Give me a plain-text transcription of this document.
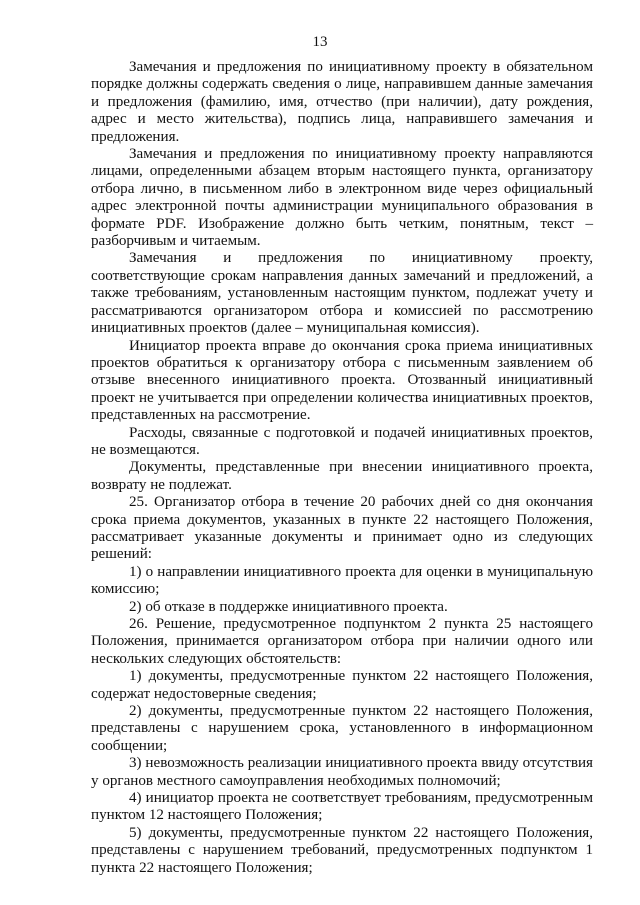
13

Замечания и предложения по инициативному проекту в обязательном порядке должны содержать сведения о лице, направившем данные замечания и предложения (фамилию, имя, отчество (при наличии), дату рождения, адрес и место жительства), подпись лица, направившего замечания и предложения.

Замечания и предложения по инициативному проекту направляются лицами, определенными абзацем вторым настоящего пункта, организатору отбора лично, в письменном либо в электронном виде через официальный адрес электронной почты администрации муниципального образования в формате PDF. Изображение должно быть четким, понятным, текст – разборчивым и читаемым.

Замечания и предложения по инициативному проекту, соответствующие срокам направления данных замечаний и предложений, а также требованиям, установленным настоящим пунктом, подлежат учету и рассматриваются организатором отбора и комиссией по рассмотрению инициативных проектов (далее – муниципальная комиссия).

Инициатор проекта вправе до окончания срока приема инициативных проектов обратиться к организатору отбора с письменным заявлением об отзыве внесенного инициативного проекта. Отозванный инициативный проект не учитывается при определении количества инициативных проектов, представленных на рассмотрение.

Расходы, связанные с подготовкой и подачей инициативных проектов, не возмещаются.

Документы, представленные при внесении инициативного проекта, возврату не подлежат.

25. Организатор отбора в течение 20 рабочих дней со дня окончания срока приема документов, указанных в пункте 22 настоящего Положения, рассматривает указанные документы и принимает одно из следующих решений:

1) о направлении инициативного проекта для оценки в муниципальную комиссию;

2) об отказе в поддержке инициативного проекта.

26. Решение, предусмотренное подпунктом 2 пункта 25 настоящего Положения, принимается организатором отбора при наличии одного или нескольких следующих обстоятельств:

1) документы, предусмотренные пунктом 22 настоящего Положения, содержат недостоверные сведения;

2) документы, предусмотренные пунктом 22 настоящего Положения, представлены с нарушением срока, установленного в информационном сообщении;

3) невозможность реализации инициативного проекта ввиду отсутствия у органов местного самоуправления необходимых полномочий;

4) инициатор проекта не соответствует требованиям, предусмотренным пунктом 12 настоящего Положения;

5) документы, предусмотренные пунктом 22 настоящего Положения, представлены с нарушением требований, предусмотренных подпунктом 1 пункта 22 настоящего Положения;
